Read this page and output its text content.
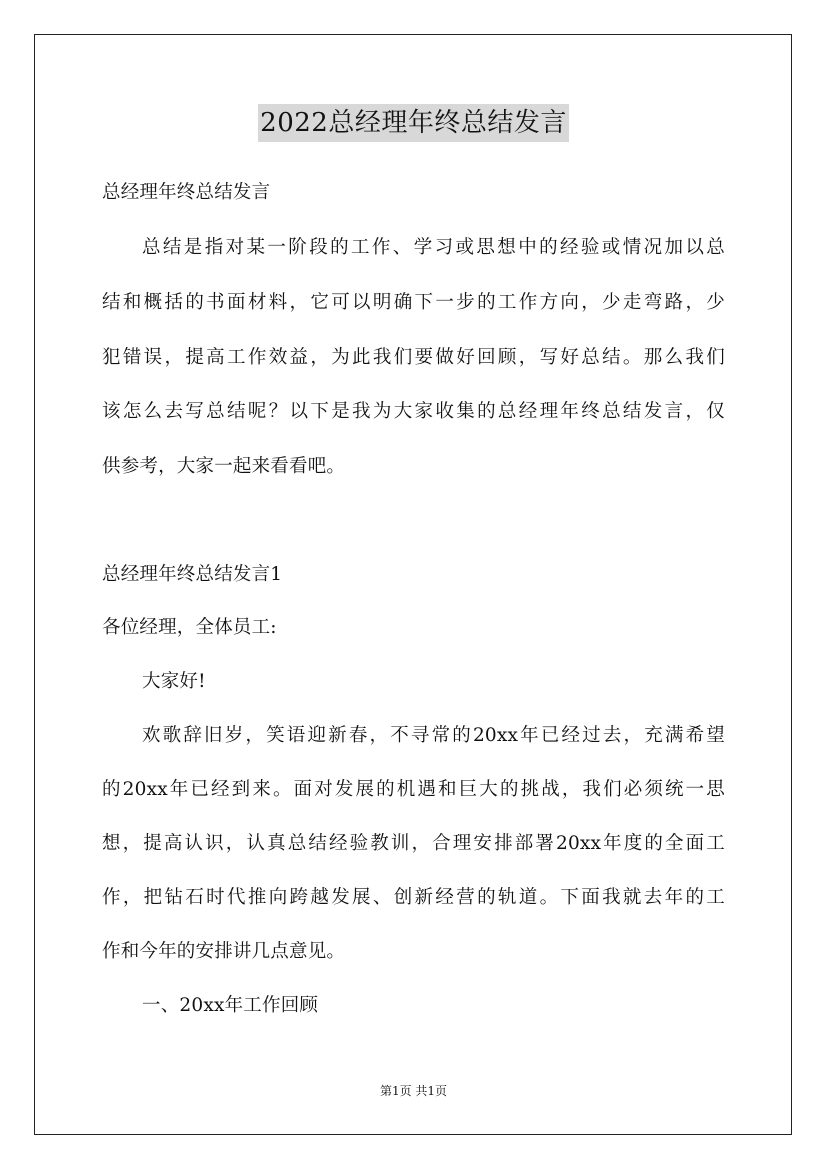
2022总经理年终总结发言
总经理年终总结发言
总结是指对某一阶段的工作、学习或思想中的经验或情况加以总
结和概括的书面材料，它可以明确下一步的工作方向，少走弯路，少
犯错误，提高工作效益，为此我们要做好回顾，写好总结。那么我们
该怎么去写总结呢？以下是我为大家收集的总经理年终总结发言，仅
供参考，大家一起来看看吧。
总经理年终总结发言1
各位经理，全体员工:
大家好!
欢歌辞旧岁，笑语迎新春，不寻常的20xx年已经过去，充满希望
的20xx年已经到来。面对发展的机遇和巨大的挑战，我们必须统一思
想，提高认识，认真总结经验教训，合理安排部署20xx年度的全面工
作，把钻石时代推向跨越发展、创新经营的轨道。下面我就去年的工
作和今年的安排讲几点意见。
一、20xx年工作回顾
第1页 共1页
